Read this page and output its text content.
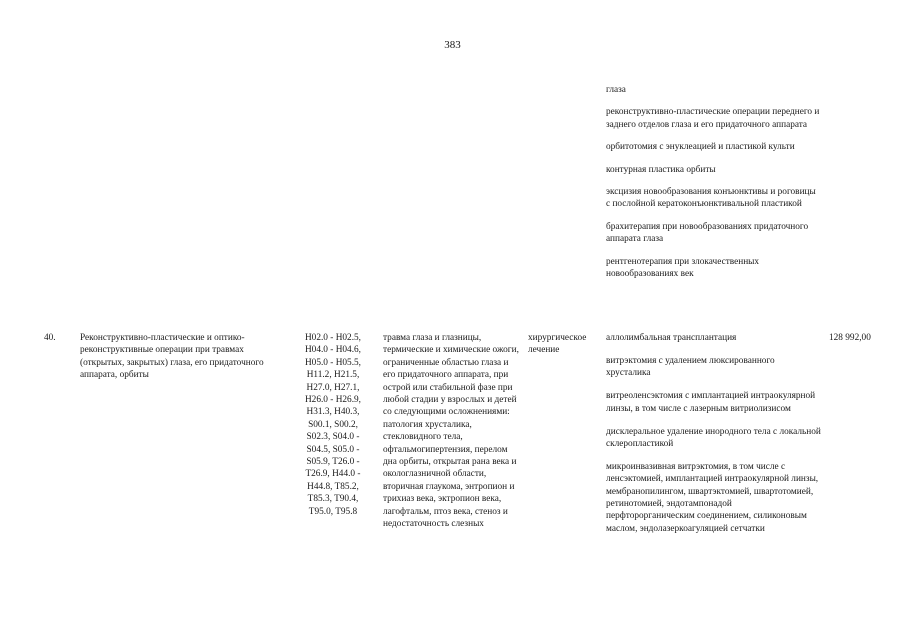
383
глаза
реконструктивно-пластические операции переднего и заднего отделов глаза и его придаточного аппарата
орбитотомия с энуклеацией и пластикой культи
контурная пластика орбиты
эксцизия новообразования конъюнктивы и роговицы с послойной кератоконъюнктивальной пластикой
брахитерапия при новообразованиях придаточного аппарата глаза
рентгенотерапия при злокачественных новообразованиях век
40.	Реконструктивно-пластические и оптико-реконструктивные операции при травмах (открытых, закрытых) глаза, его придаточного аппарата, орбиты
H02.0 - H02.5,
H04.0 - H04.6,
H05.0 - H05.5,
H11.2, H21.5,
H27.0, H27.1,
H26.0 - H26.9,
H31.3, H40.3,
S00.1, S00.2,
S02.3, S04.0 -
S04.5, S05.0 -
S05.9, T26.0 -
T26.9, H44.0 -
H44.8, T85.2,
T85.3, T90.4,
T95.0, T95.8
травма глаза и глазницы, термические и химические ожоги, ограниченные областью глаза и его придаточного аппарата, при острой или стабильной фазе при любой стадии у взрослых и детей со следующими осложнениями: патология хрусталика, стекловидного тела, офтальмогипертензия, перелом дна орбиты, открытая рана века и окологлазничной области, вторичная глаукома, энтропион и трихиаз века, эктропион века, лагофтальм, птоз века, стеноз и недостаточность слезных
хирургическое лечение
аллолимбальная трансплантация
витрэктомия с удалением люксированного хрусталика
витреоленсэктомия с имплантацией интраокулярной линзы, в том числе с лазерным витриолизисом
дисклеральное удаление инородного тела с локальной склеропластикой
микроинвазивная витрэктомия, в том числе с ленсэктомией, имплантацией интраокулярной линзы, мембранопилингом, швартэктомией, швартотомией, ретинотомией, эндотампонадой перфторорганическим соединением, силиконовым маслом, эндолазеркоагуляцией сетчатки
128 992,00
